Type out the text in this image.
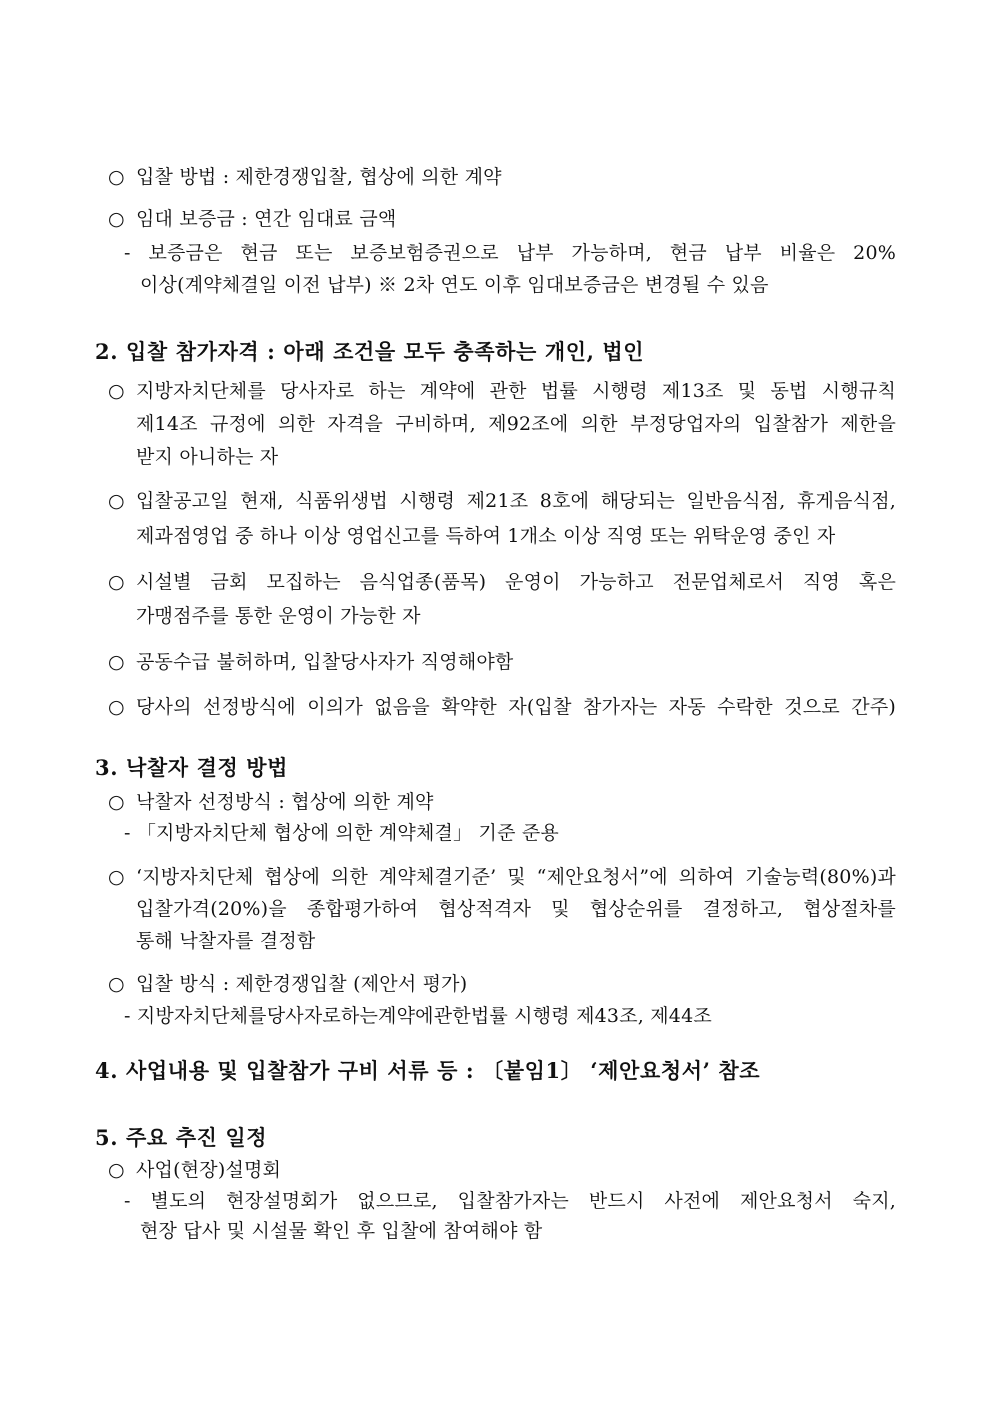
○ 입찰 방법 : 제한경쟁입찰, 협상에 의한 계약
○ 임대 보증금 : 연간 임대료 금액
- 보증금은 현금 또는 보증보험증권으로 납부 가능하며, 현금 납부 비율은 20%
이상(계약체결일 이전 납부) ※ 2차 연도 이후 임대보증금은 변경될 수 있음
2. 입찰 참가자격 : 아래 조건을 모두 충족하는 개인, 법인
○ 지방자치단체를 당사자로 하는 계약에 관한 법률 시행령 제13조 및 동법 시행규칙
제14조 규정에 의한 자격을 구비하며, 제92조에 의한 부정당업자의 입찰참가 제한을
받지 아니하는 자
○ 입찰공고일 현재, 식품위생법 시행령 제21조 8호에 해당되는 일반음식점, 휴게음식점,
제과점영업 중 하나 이상 영업신고를 득하여 1개소 이상 직영 또는 위탁운영 중인 자
○ 시설별 금회 모집하는 음식업종(품목) 운영이 가능하고 전문업체로서 직영 혹은
가맹점주를 통한 운영이 가능한 자
○ 공동수급 불허하며, 입찰당사자가 직영해야함
○ 당사의 선정방식에 이의가 없음을 확약한 자(입찰 참가자는 자동 수락한 것으로 간주)
3. 낙찰자 결정 방법
○ 낙찰자 선정방식 : 협상에 의한 계약
- 「지방자치단체 협상에 의한 계약체결」 기준 준용
○ ‘지방자치단체 협상에 의한 계약체결기준’ 및 “제안요청서”에 의하여 기술능력(80%)과
입찰가격(20%)을 종합평가하여 협상적격자 및 협상순위를 결정하고, 협상절차를
통해 낙찰자를 결정함
○ 입찰 방식 : 제한경쟁입찰 (제안서 평가)
- 지방자치단체를당사자로하는계약에관한법률 시행령 제43조, 제44조
4. 사업내용 및 입찰참가 구비 서류 등 : 〔붙임1〕 ‘제안요청서’ 참조
5. 주요 추진 일정
○ 사업(현장)설명회
- 별도의 현장설명회가 없으므로, 입찰참가자는 반드시 사전에 제안요청서 숙지,
현장 답사 및 시설물 확인 후 입찰에 참여해야 함
